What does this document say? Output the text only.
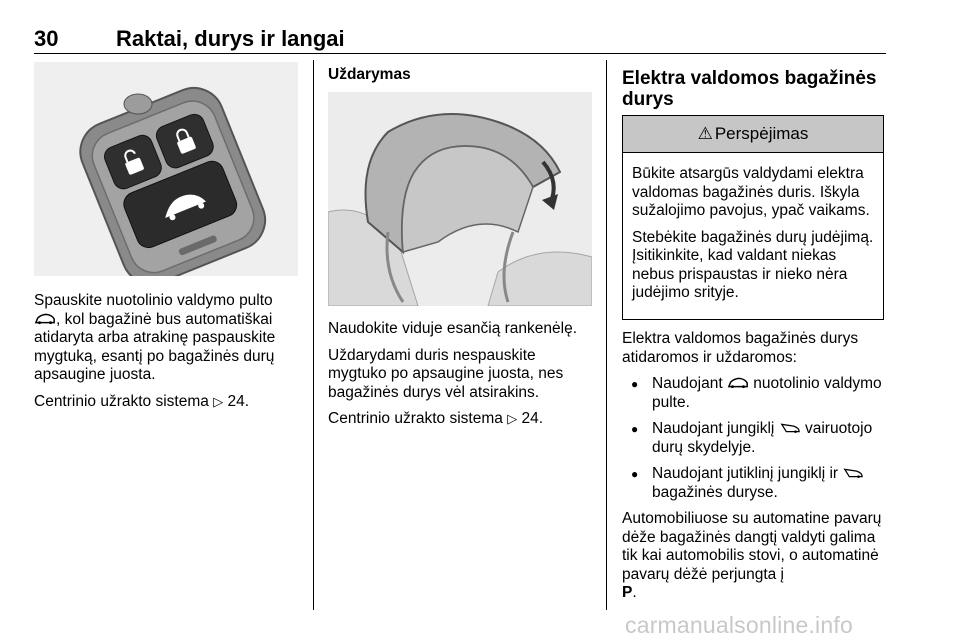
30	Raktai, durys ir langai

Spauskite nuotolinio valdymo pulto
, kol bagažinė bus automatiškai atidaryta arba atrakinę paspauskite mygtuką, esantį po bagažinės durų apsaugine juosta.

Centrinio užrakto sistema ▷ 24.

Uždarymas

Naudokite viduje esančią rankenėlę.

Uždarydami duris nespauskite mygtuko po apsaugine juosta, nes bagažinės durys vėl atsirakins.

Centrinio užrakto sistema ▷ 24.

Elektra valdomos bagažinės durys

⚠ Perspėjimas

Būkite atsargūs valdydami elektra valdomas bagažinės duris. Iškyla sužalojimo pavojus, ypač vaikams.

Stebėkite bagažinės durų judėjimą. Įsitikinkite, kad valdant niekas nebus prispaustas ir nieko nėra judėjimo srityje.

Elektra valdomos bagažinės durys atidaromos ir uždaromos:

● Naudojant  nuotolinio valdymo pulte.
● Naudojant jungiklį  vairuotojo durų skydelyje.
● Naudojant jutiklinį jungiklį ir
bagažinės duryse.

Automobiliuose su automatine pavarų dėže bagažinės dangtį valdyti galima tik kai automobilis stovi, o automatinė pavarų dėžė perjungta į
P.

carmanualsonline.info
